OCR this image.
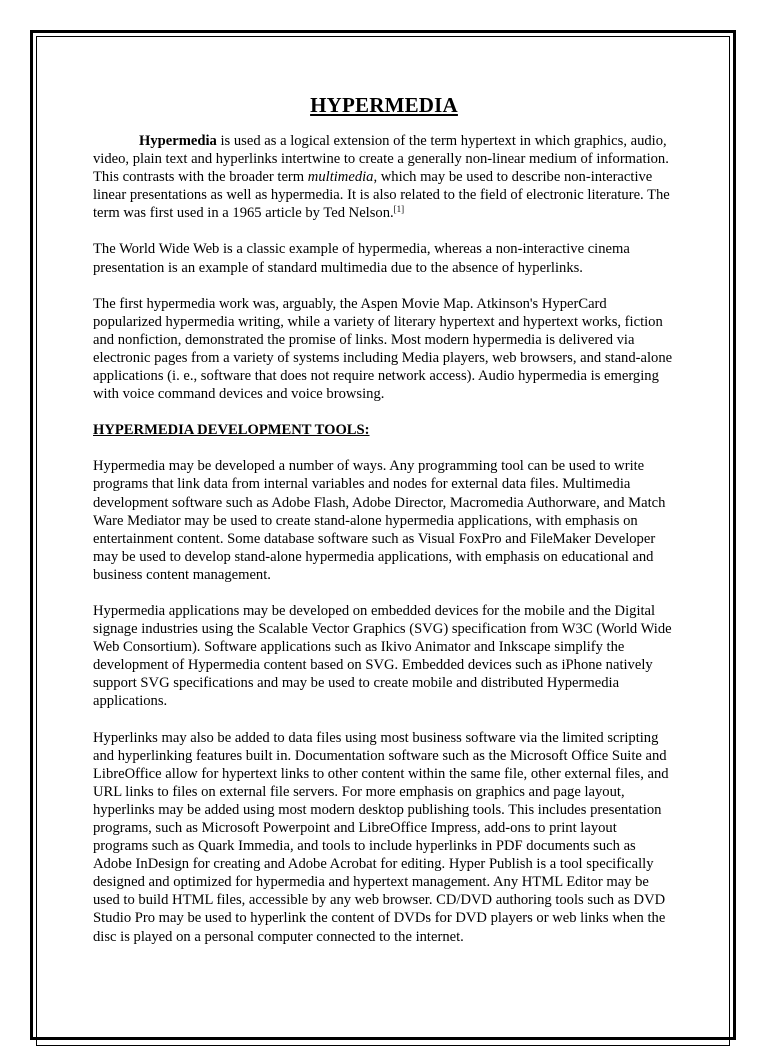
HYPERMEDIA

Hypermedia is used as a logical extension of the term hypertext in which graphics, audio, video, plain text and hyperlinks intertwine to create a generally non-linear medium of information. This contrasts with the broader term multimedia, which may be used to describe non-interactive linear presentations as well as hypermedia. It is also related to the field of electronic literature. The term was first used in a 1965 article by Ted Nelson.[1]

The World Wide Web is a classic example of hypermedia, whereas a non-interactive cinema presentation is an example of standard multimedia due to the absence of hyperlinks.

The first hypermedia work was, arguably, the Aspen Movie Map. Atkinson's HyperCard popularized hypermedia writing, while a variety of literary hypertext and hypertext works, fiction and nonfiction, demonstrated the promise of links. Most modern hypermedia is delivered via electronic pages from a variety of systems including Media players, web browsers, and stand-alone applications (i. e., software that does not require network access). Audio hypermedia is emerging with voice command devices and voice browsing.

HYPERMEDIA DEVELOPMENT TOOLS:

Hypermedia may be developed a number of ways. Any programming tool can be used to write programs that link data from internal variables and nodes for external data files. Multimedia development software such as Adobe Flash, Adobe Director, Macromedia Authorware, and Match Ware Mediator may be used to create stand-alone hypermedia applications, with emphasis on entertainment content. Some database software such as Visual FoxPro and FileMaker Developer may be used to develop stand-alone hypermedia applications, with emphasis on educational and business content management.

Hypermedia applications may be developed on embedded devices for the mobile and the Digital signage industries using the Scalable Vector Graphics (SVG) specification from W3C (World Wide Web Consortium). Software applications such as Ikivo Animator and Inkscape simplify the development of Hypermedia content based on SVG. Embedded devices such as iPhone natively support SVG specifications and may be used to create mobile and distributed Hypermedia applications.

Hyperlinks may also be added to data files using most business software via the limited scripting and hyperlinking features built in. Documentation software such as the Microsoft Office Suite and LibreOffice allow for hypertext links to other content within the same file, other external files, and URL links to files on external file servers. For more emphasis on graphics and page layout, hyperlinks may be added using most modern desktop publishing tools. This includes presentation programs, such as Microsoft Powerpoint and LibreOffice Impress, add-ons to print layout programs such as Quark Immedia, and tools to include hyperlinks in PDF documents such as Adobe InDesign for creating and Adobe Acrobat for editing. Hyper Publish is a tool specifically designed and optimized for hypermedia and hypertext management. Any HTML Editor may be used to build HTML files, accessible by any web browser. CD/DVD authoring tools such as DVD Studio Pro may be used to hyperlink the content of DVDs for DVD players or web links when the disc is played on a personal computer connected to the internet.
